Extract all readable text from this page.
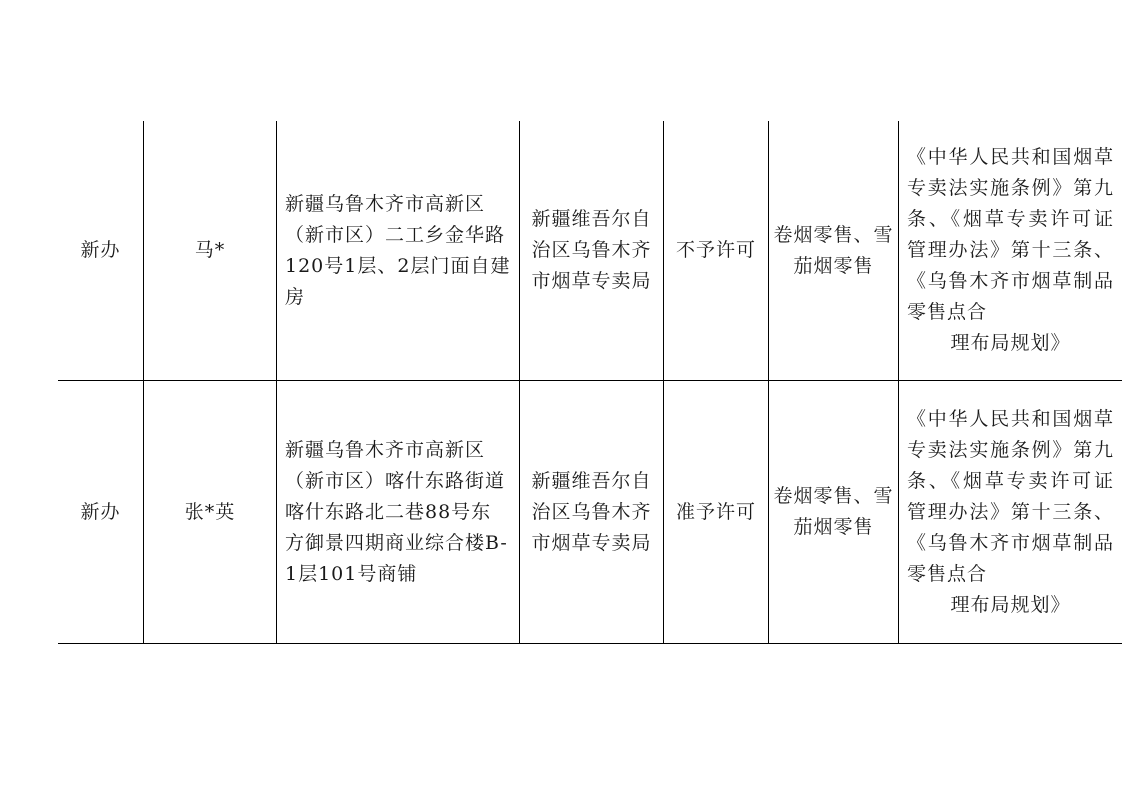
新办	马*	新疆乌鲁木齐市高新区（新市区）二工乡金华路120号1层、2层门面自建房	新疆维吾尔自治区乌鲁木齐市烟草专卖局	不予许可	卷烟零售、雪茄烟零售	《中华人民共和国烟草专卖法实施条例》第九条、《烟草专卖许可证管理办法》第十三条、《乌鲁木齐市烟草制品零售点合
理布局规划》

新办	张*英	新疆乌鲁木齐市高新区（新市区）喀什东路街道喀什东路北二巷88号东方御景四期商业综合楼B-1层101号商铺	新疆维吾尔自治区乌鲁木齐市烟草专卖局	准予许可	卷烟零售、雪茄烟零售	《中华人民共和国烟草专卖法实施条例》第九条、《烟草专卖许可证管理办法》第十三条、《乌鲁木齐市烟草制品零售点合
理布局规划》
